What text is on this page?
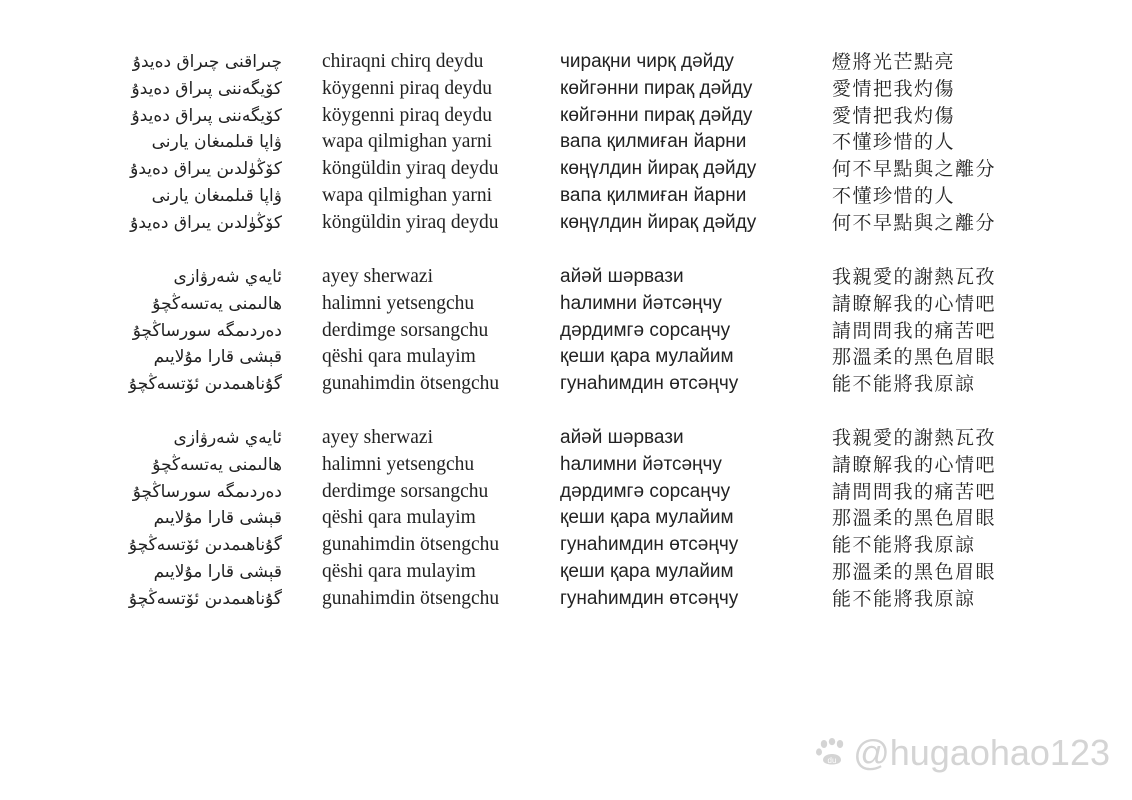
چىراقنى چىراق دەيدۇ chiraqni chirq deydu	чирақни чирқ дәйду	燈將光芒點亮
كۆيگەننى پىراق دەيدۇ köygenni piraq deydu	көйгәнни пирақ дәйду	愛情把我灼傷
كۆيگەننى پىراق دەيدۇ köygenni piraq deydu	көйгәнни пирақ дәйду	愛情把我灼傷
ۋاپا قىلمىغان يارنى wapa qilmighan yarni	вапа қилмиған йарни	不懂珍惜的人
كۆڭۈلدىن يىراق دەيدۇ köngüldin yiraq deydu	көңүлдин йирақ дәйду	何不早點與之離分
ۋاپا قىلمىغان يارنى wapa qilmighan yarni	вапа қилмиған йарни	不懂珍惜的人
كۆڭۈلدىن يىراق دەيدۇ köngüldin yiraq deydu	көңүлдин йирақ дәйду	何不早點與之離分
ئايەي شەرۋازى ayey sherwazi	айәй шәрвази	我親愛的謝熱瓦孜
ھالىمنى يەتسەڭچۇ halimni yetsengchu	һалимни йәтсәңчу	請瞭解我的心情吧
دەردىمگە سورساڭچۇ derdimge sorsangchu	дәрдимгә сорсаңчу	請問問我的痛苦吧
قېشى قارا مۇلايىم qëshi qara mulayim	қеши қара мулайим	那溫柔的黑色眉眼
گۇناھىمدىن ئۆتسەڭچۇ gunahimdin ötsengchu	гунаһимдин өтсәңчу	能不能將我原諒
ئايەي شەرۋازى ayey sherwazi	айәй шәрвази	我親愛的謝熱瓦孜
ھالىمنى يەتسەڭچۇ halimni yetsengchu	һалимни йәтсәңчу	請瞭解我的心情吧
دەردىمگە سورساڭچۇ derdimge sorsangchu	дәрдимгә сорсаңчу	請問問我的痛苦吧
قېشى قارا مۇلايىم qëshi qara mulayim	қеши қара мулайим	那溫柔的黑色眉眼
گۇناھىمدىن ئۆتسەڭچۇ gunahimdin ötsengchu	гунаһимдин өтсәңчу	能不能將我原諒
قېشى قارا مۇلايىم qëshi qara mulayim	қеши қара мулайим	那溫柔的黑色眉眼
گۇناھىمدىن ئۆتسەڭچۇ gunahimdin ötsengchu	гунаһимдин өтсәңчу	能不能將我原諒
du @hugaohao123
